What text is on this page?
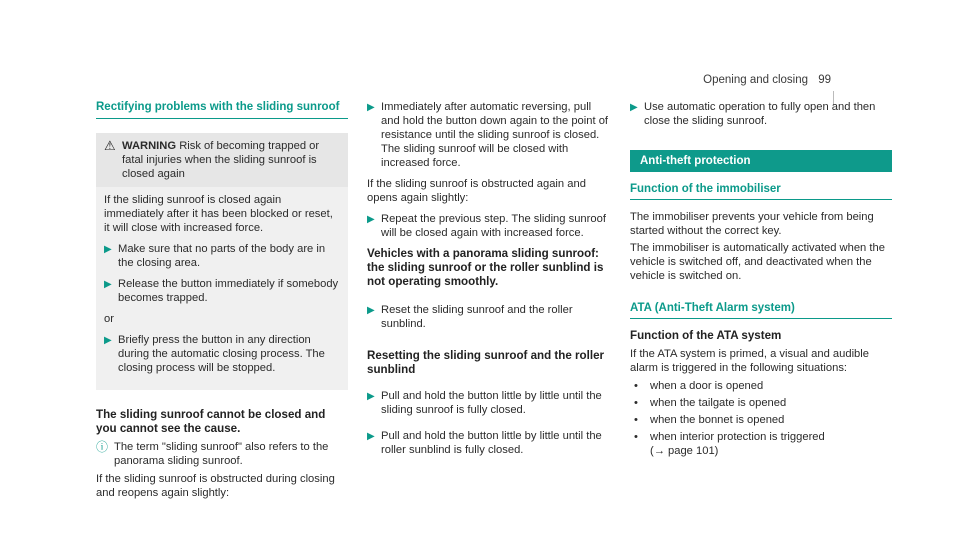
Opening and closing 99
Rectifying problems with the sliding sunroof
⚠ WARNING Risk of becoming trapped or fatal injuries when the sliding sunroof is closed again
If the sliding sunroof is closed again immediately after it has been blocked or reset, it will close with increased force.
▶ Make sure that no parts of the body are in the closing area.
▶ Release the button immediately if somebody becomes trapped.
or
▶ Briefly press the button in any direction during the automatic closing process. The closing process will be stopped.
The sliding sunroof cannot be closed and you cannot see the cause.
ⓘ The term "sliding sunroof" also refers to the panorama sliding sunroof.
If the sliding sunroof is obstructed during closing and reopens again slightly:
▶ Immediately after automatic reversing, pull and hold the button down again to the point of resistance until the sliding sunroof is closed. The sliding sunroof will be closed with increased force.
If the sliding sunroof is obstructed again and opens again slightly:
▶ Repeat the previous step. The sliding sunroof will be closed again with increased force.
Vehicles with a panorama sliding sunroof: the sliding sunroof or the roller sunblind is not operating smoothly.
▶ Reset the sliding sunroof and the roller sunblind.
Resetting the sliding sunroof and the roller sunblind
▶ Pull and hold the button little by little until the sliding sunroof is fully closed.
▶ Pull and hold the button little by little until the roller sunblind is fully closed.
▶ Use automatic operation to fully open and then close the sliding sunroof.
Anti-theft protection
Function of the immobiliser
The immobiliser prevents your vehicle from being started without the correct key.
The immobiliser is automatically activated when the vehicle is switched off, and deactivated when the vehicle is switched on.
ATA (Anti-Theft Alarm system)
Function of the ATA system
If the ATA system is primed, a visual and audible alarm is triggered in the following situations:
•	when a door is opened
•	when the tailgate is opened
•	when the bonnet is opened
•	when interior protection is triggered
(→ page 101)
